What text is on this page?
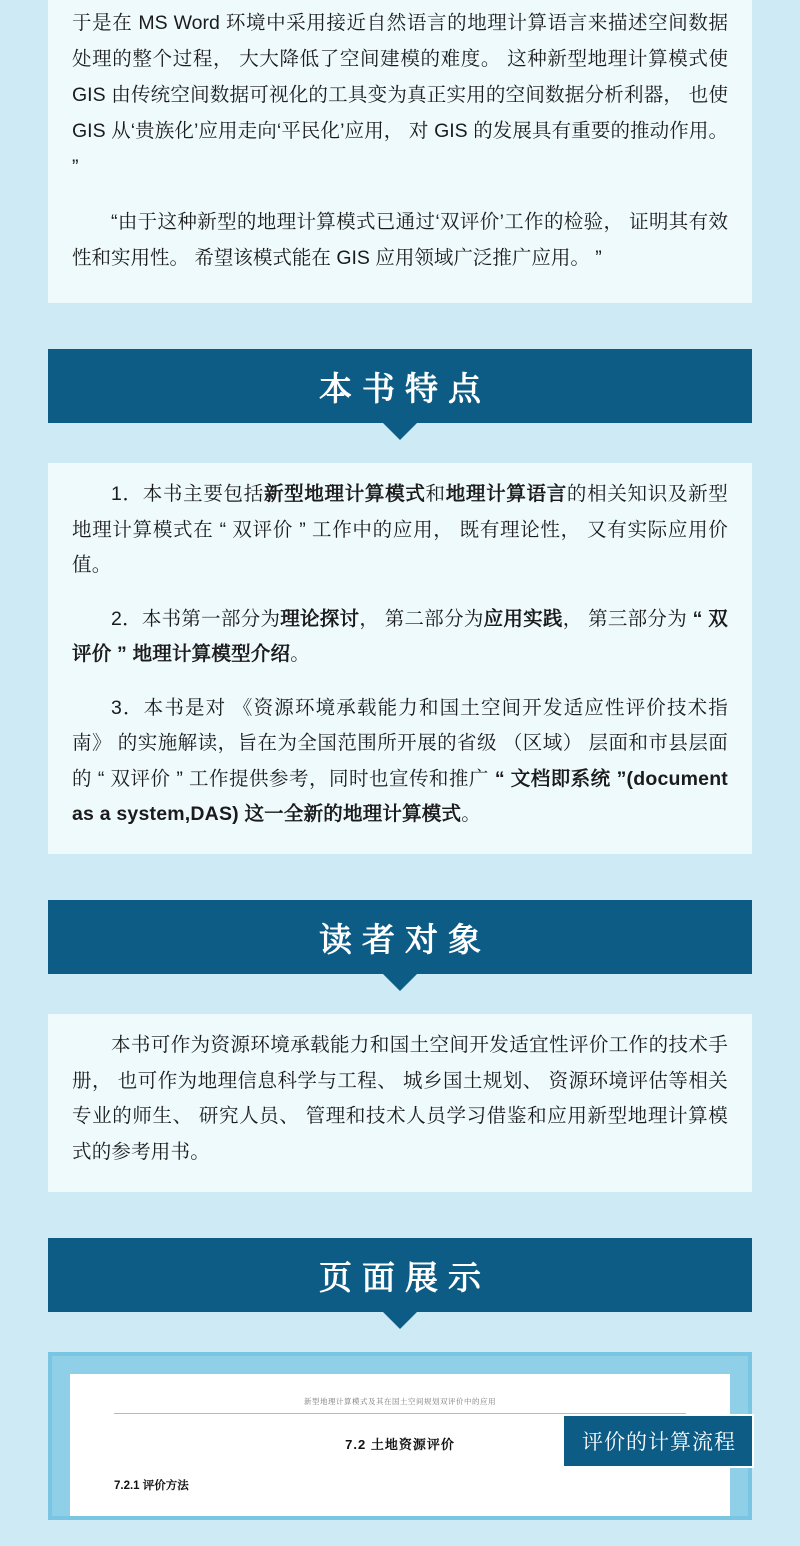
于是在 MS Word 环境中采用接近自然语言的地理计算语言来描述空间数据处理的整个过程， 大大降低了空间建模的难度。 这种新型地理计算模式使 GIS 由传统空间数据可视化的工具变为真正实用的空间数据分析利器， 也使 GIS 从‘贵族化’应用走向‘平民化’应用， 对 GIS 的发展具有重要的推动作用。 ”

“由于这种新型的地理计算模式已通过‘双评价’工作的检验， 证明其有效性和实用性。 希望该模式能在 GIS 应用领域广泛推广应用。 ”

本书特点

1．本书主要包括新型地理计算模式和地理计算语言的相关知识及新型地理计算模式在 “ 双评价 ” 工作中的应用， 既有理论性， 又有实际应用价值。

2．本书第一部分为理论探讨， 第二部分为应用实践， 第三部分为 “ 双评价 ” 地理计算模型介绍。

3．本书是对 《资源环境承载能力和国土空间开发适应性评价技术指南》 的实施解读，旨在为全国范围所开展的省级 （区域） 层面和市县层面的 “ 双评价 ” 工作提供参考，同时也宣传和推广 “ 文档即系统 ”(document as a system,DAS) 这一全新的地理计算模式。

读者对象

本书可作为资源环境承载能力和国土空间开发适宜性评价工作的技术手册， 也可作为地理信息科学与工程、 城乡国土规划、 资源环境评估等相关专业的师生、 研究人员、 管理和技术人员学习借鉴和应用新型地理计算模式的参考用书。

页面展示
新型地理计算模式及其在国土空间规划双评价中的应用
7.2 土地资源评价
7.2.1 评价方法
评价的计算流程
